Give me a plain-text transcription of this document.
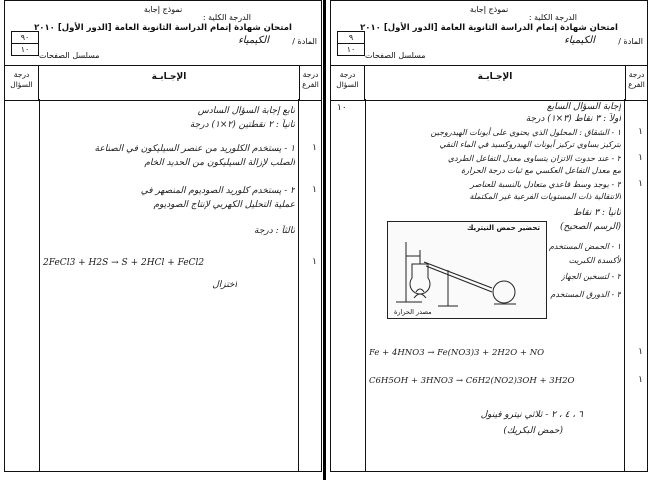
نموذج إجابة
الدرجة الكلية :
امتحان شهادة إتمام الدراسة الثانوية العامة [الدور الأول] ٢٠١٠
المادة /
الكيمياء
٩٠
١٠
مسلسل الصفحات
درجة الفرع
الإجـابـة
درجة السؤال
تابع إجابة السؤال السادس
ثانياً : ٢ نقطتين (٢×١) درجة
١ - يستخدم الكلوريد من عنصر السيليكون في الصناعة
الصلب لإزالة السيليكون من الحديد الخام
٢ - يستخدم كلوريد الصوديوم المنصهر في
عملية التحليل الكهربي لإنتاج الصوديوم
ثالثاً : درجة
2FeCl3 + H2S → S + 2HCl + FeCl2
اختزال
١
١
١
نموذج إجابة
الدرجة الكلية :
امتحان شهادة إتمام الدراسة الثانوية العامة [الدور الأول] ٢٠١٠
المادة /
الكيمياء
٩
١٠
مسلسل الصفحات
درجة الفرع
الإجـابـة
درجة السؤال
١٠	إجابة السؤال السابع
أولاً : ٣ نقاط (٣×١) درجة
١ - الشقاق : المحلول الذي يحتوي على أيونات الهيدروجين
بتركيز يساوي تركيز أيونات الهيدروكسيد في الماء النقي
٢ - عند حدوث الاتزان يتساوى معدل التفاعل الطردي
مع معدل التفاعل العكسي مع ثبات درجة الحرارة
٣ - يوجد وسط قاعدي متعادل بالنسبة للعناصر
الانتقالية ذات المستويات الفرعية غير المكتملة
ثانياً : ٣ نقاط
تحضير حمض النيتريك
مصدر الحرارة
(الرسم الصحيح)
١ - الحمض المستخدم
لأكسدة الكبريت
٢ - لتسخين الجهاز
٣ - الدورق المستخدم
Fe + 4HNO3 → Fe(NO3)3 + 2H2O + NO
C6H5OH + 3HNO3 → C6H2(NO2)3OH + 3H2O
٦ ، ٤ ، ٢ - ثلاثي نيترو فينول
(حمض البكريك)
١
١
١
١
١
